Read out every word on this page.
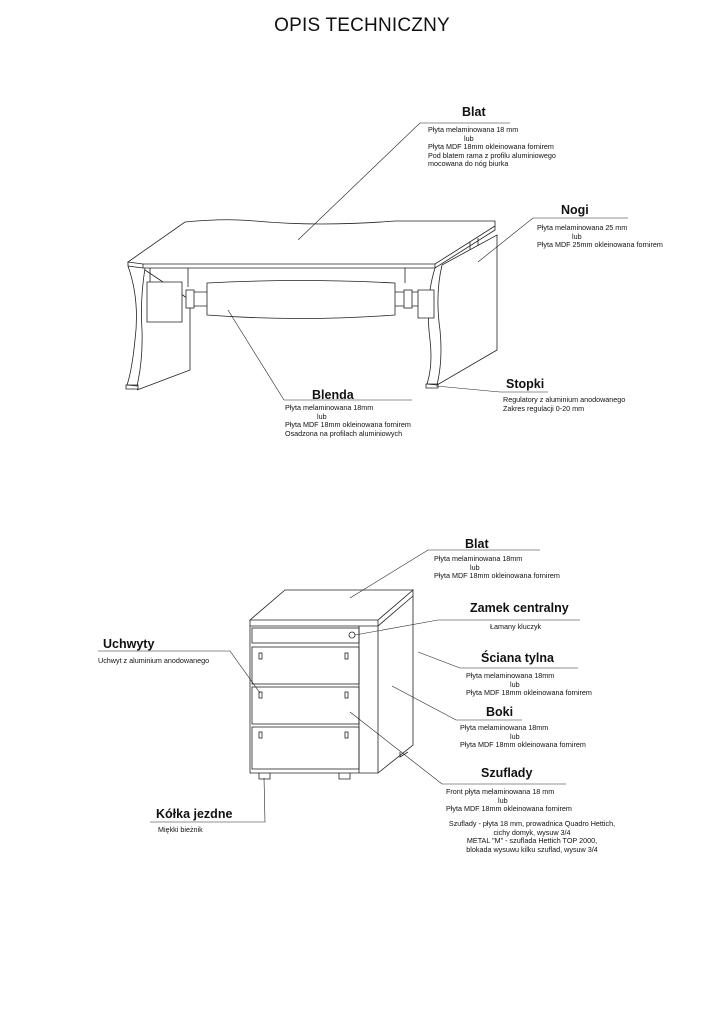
OPIS TECHNICZNY
Blat
Płyta melaminowana 18 mm
lub
Płyta MDF 18mm okleinowana fornirem
Pod blatem rama z profilu aluminiowego
mocowana do nóg biurka
Nogi
Płyta melaminowana 25 mm
lub
Płyta MDF 25mm okleinowana fornirem
Blenda
Płyta melaminowana 18mm
lub
Płyta MDF 18mm okleinowana fornirem
Osadzona na profilach aluminiowych
Stopki
Regulatory z aluminium anodowanego
Zakres regulacji 0-20 mm
Blat
Płyta melaminowana 18mm
lub
Płyta MDF 18mm okleinowana fornirem
Zamek centralny
Łamany kluczyk
Uchwyty
Uchwyt z aluminium anodowanego	Ściana tylna
Płyta melaminowana 18mm
lub
Płyta MDF 18mm okleinowana fornirem
Boki
Płyta melaminowana 18mm
lub
Płyta MDF 18mm okleinowana fornirem
Szuflady
Front płyta melaminowana 18 mm
lub
Płyta MDF 18mm okleinowana fornirem
Szuflady - płyta 18 mm, prowadnica Quadro Hettich,
cichy domyk, wysuw 3/4
METAL "M" - szuflada Hettich TOP 2000,
blokada wysuwu kilku szuflad, wysuw 3/4
Kółka jezdne
Miękki bieżnik
